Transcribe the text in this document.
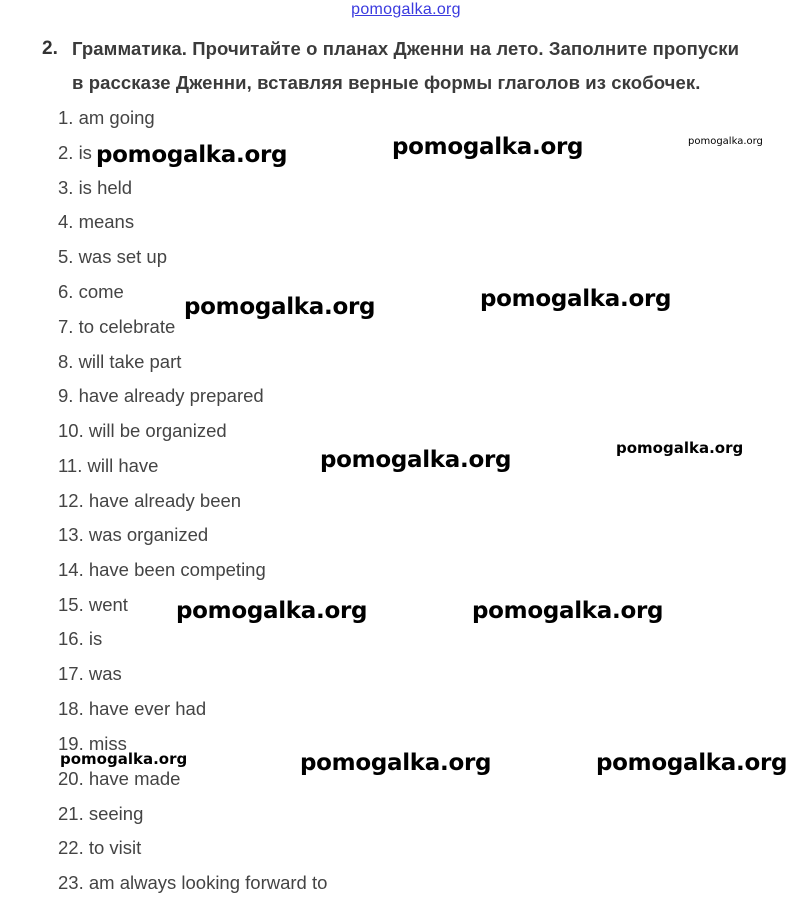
pomogalka.org
2. Грамматика. Прочитайте о планах Дженни на лето. Заполните пропуски
в рассказе Дженни, вставляя верные формы глаголов из скобочек.
1. am going
2. is
3. is held
4. means
5. was set up
6. come
7. to celebrate
8. will take part
9. have already prepared
10. will be organized
11. will have
12. have already been
13. was organized
14. have been competing
15. went
16. is
17. was
18. have ever had
19. miss
20. have made
21. seeing
22. to visit
23. am always looking forward to
pomogalka.org	pomogalka.org	pomogalka.org
pomogalka.org	pomogalka.org
pomogalka.org	pomogalka.org
pomogalka.org	pomogalka.org
pomogalka.org	pomogalka.org	pomogalka.org
